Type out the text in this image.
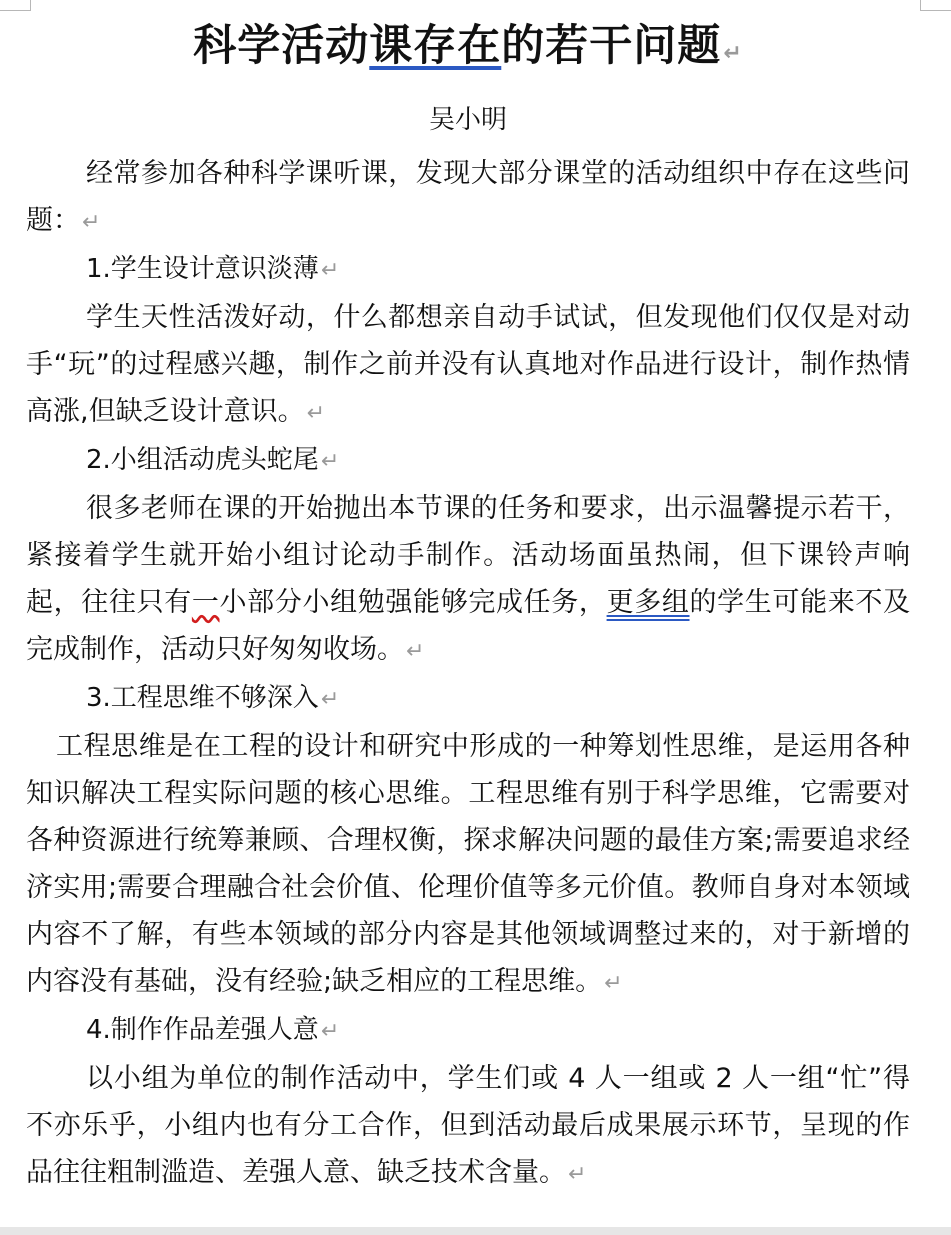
科学活动课存在的若干问题↵
吴小明

经常参加各种科学课听课，发现大部分课堂的活动组织中存在这些问题：↵

1.学生设计意识淡薄↵

学生天性活泼好动，什么都想亲自动手试试，但发现他们仅仅是对动手“玩”的过程感兴趣，制作之前并没有认真地对作品进行设计，制作热情高涨,但缺乏设计意识。↵

2.小组活动虎头蛇尾↵

很多老师在课的开始抛出本节课的任务和要求，出示温馨提示若干，紧接着学生就开始小组讨论动手制作。活动场面虽热闹，但下课铃声响起，往往只有一小部分小组勉强能够完成任务，更多组的学生可能来不及完成制作，活动只好匆匆收场。↵

3.工程思维不够深入↵

工程思维是在工程的设计和研究中形成的一种筹划性思维，是运用各种知识解决工程实际问题的核心思维。工程思维有别于科学思维，它需要对各种资源进行统筹兼顾、合理权衡，探求解决问题的最佳方案;需要追求经济实用;需要合理融合社会价值、伦理价值等多元价值。教师自身对本领域内容不了解，有些本领域的部分内容是其他领域调整过来的，对于新增的内容没有基础，没有经验;缺乏相应的工程思维。↵

4.制作作品差强人意↵

以小组为单位的制作活动中，学生们或 4 人一组或 2 人一组“忙”得不亦乐乎，小组内也有分工合作，但到活动最后成果展示环节，呈现的作品往往粗制滥造、差强人意、缺乏技术含量。↵
